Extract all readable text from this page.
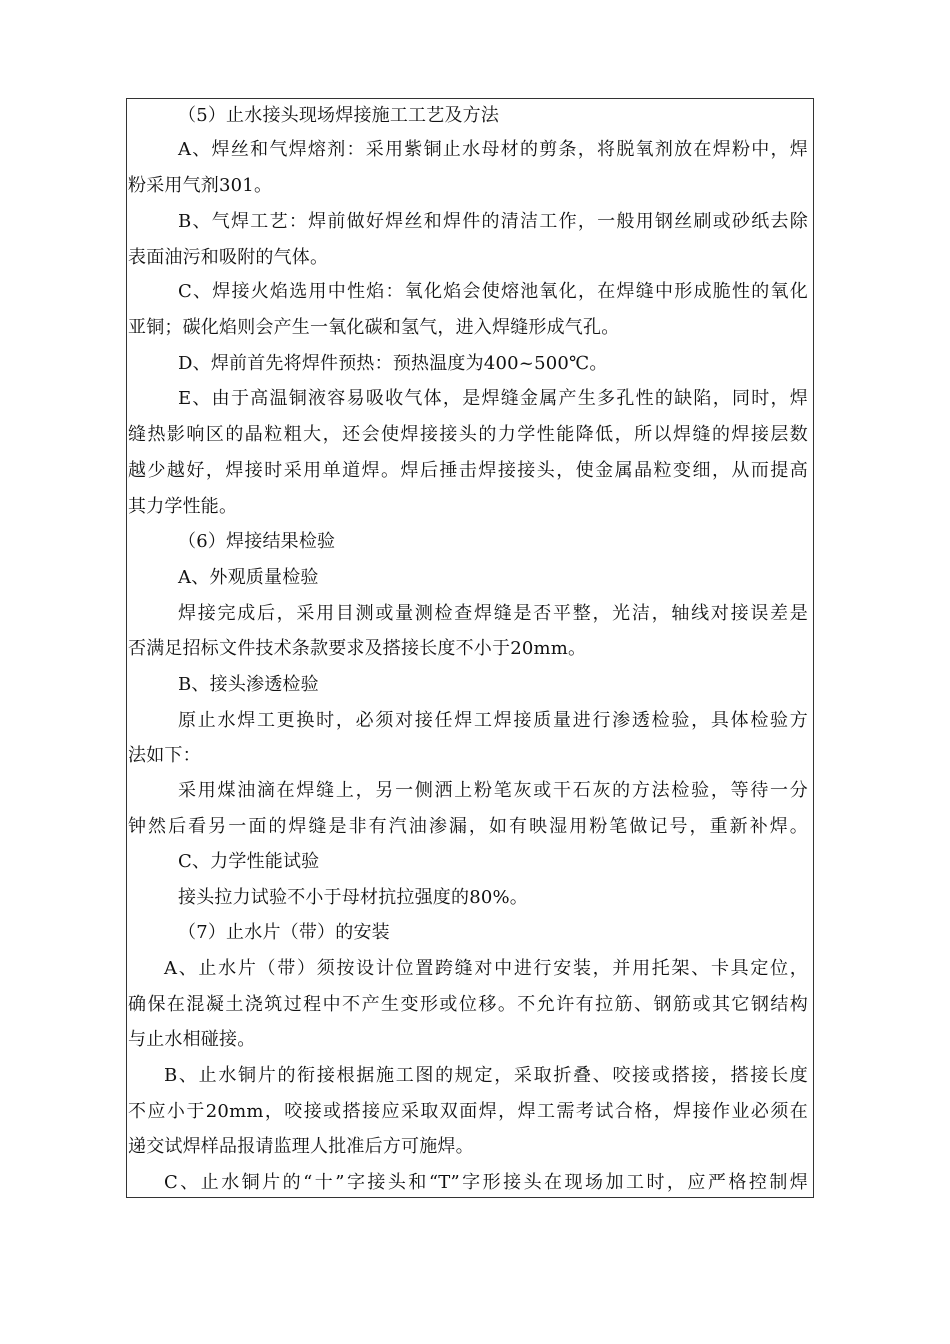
（5）止水接头现场焊接施工工艺及方法
A、焊丝和气焊熔剂：采用紫铜止水母材的剪条，将脱氧剂放在焊粉中，焊
粉采用气剂301。
B、气焊工艺：焊前做好焊丝和焊件的清洁工作，一般用钢丝刷或砂纸去除
表面油污和吸附的气体。
C、焊接火焰选用中性焰：氧化焰会使熔池氧化，在焊缝中形成脆性的氧化
亚铜；碳化焰则会产生一氧化碳和氢气，进入焊缝形成气孔。
D、焊前首先将焊件预热：预热温度为400~500℃。
E、由于高温铜液容易吸收气体，是焊缝金属产生多孔性的缺陷，同时，焊
缝热影响区的晶粒粗大，还会使焊接接头的力学性能降低，所以焊缝的焊接层数
越少越好，焊接时采用单道焊。焊后捶击焊接接头，使金属晶粒变细，从而提高
其力学性能。
（6）焊接结果检验
A、外观质量检验
焊接完成后，采用目测或量测检查焊缝是否平整，光洁，轴线对接误差是
否满足招标文件技术条款要求及搭接长度不小于20mm。
B、接头渗透检验
原止水焊工更换时，必须对接任焊工焊接质量进行渗透检验，具体检验方
法如下：
采用煤油滴在焊缝上，另一侧洒上粉笔灰或干石灰的方法检验，等待一分
钟然后看另一面的焊缝是非有汽油渗漏，如有映湿用粉笔做记号，重新补焊。
C、力学性能试验
接头拉力试验不小于母材抗拉强度的80%。
（7）止水片（带）的安装
A、止水片（带）须按设计位置跨缝对中进行安装，并用托架、卡具定位，
确保在混凝土浇筑过程中不产生变形或位移。不允许有拉筋、钢筋或其它钢结构
与止水相碰接。
B、止水铜片的衔接根据施工图的规定，采取折叠、咬接或搭接，搭接长度
不应小于20mm，咬接或搭接应采取双面焊，焊工需考试合格，焊接作业必须在
递交试焊样品报请监理人批准后方可施焊。
C、止水铜片的“十”字接头和“T”字形接头在现场加工时，应严格控制焊
